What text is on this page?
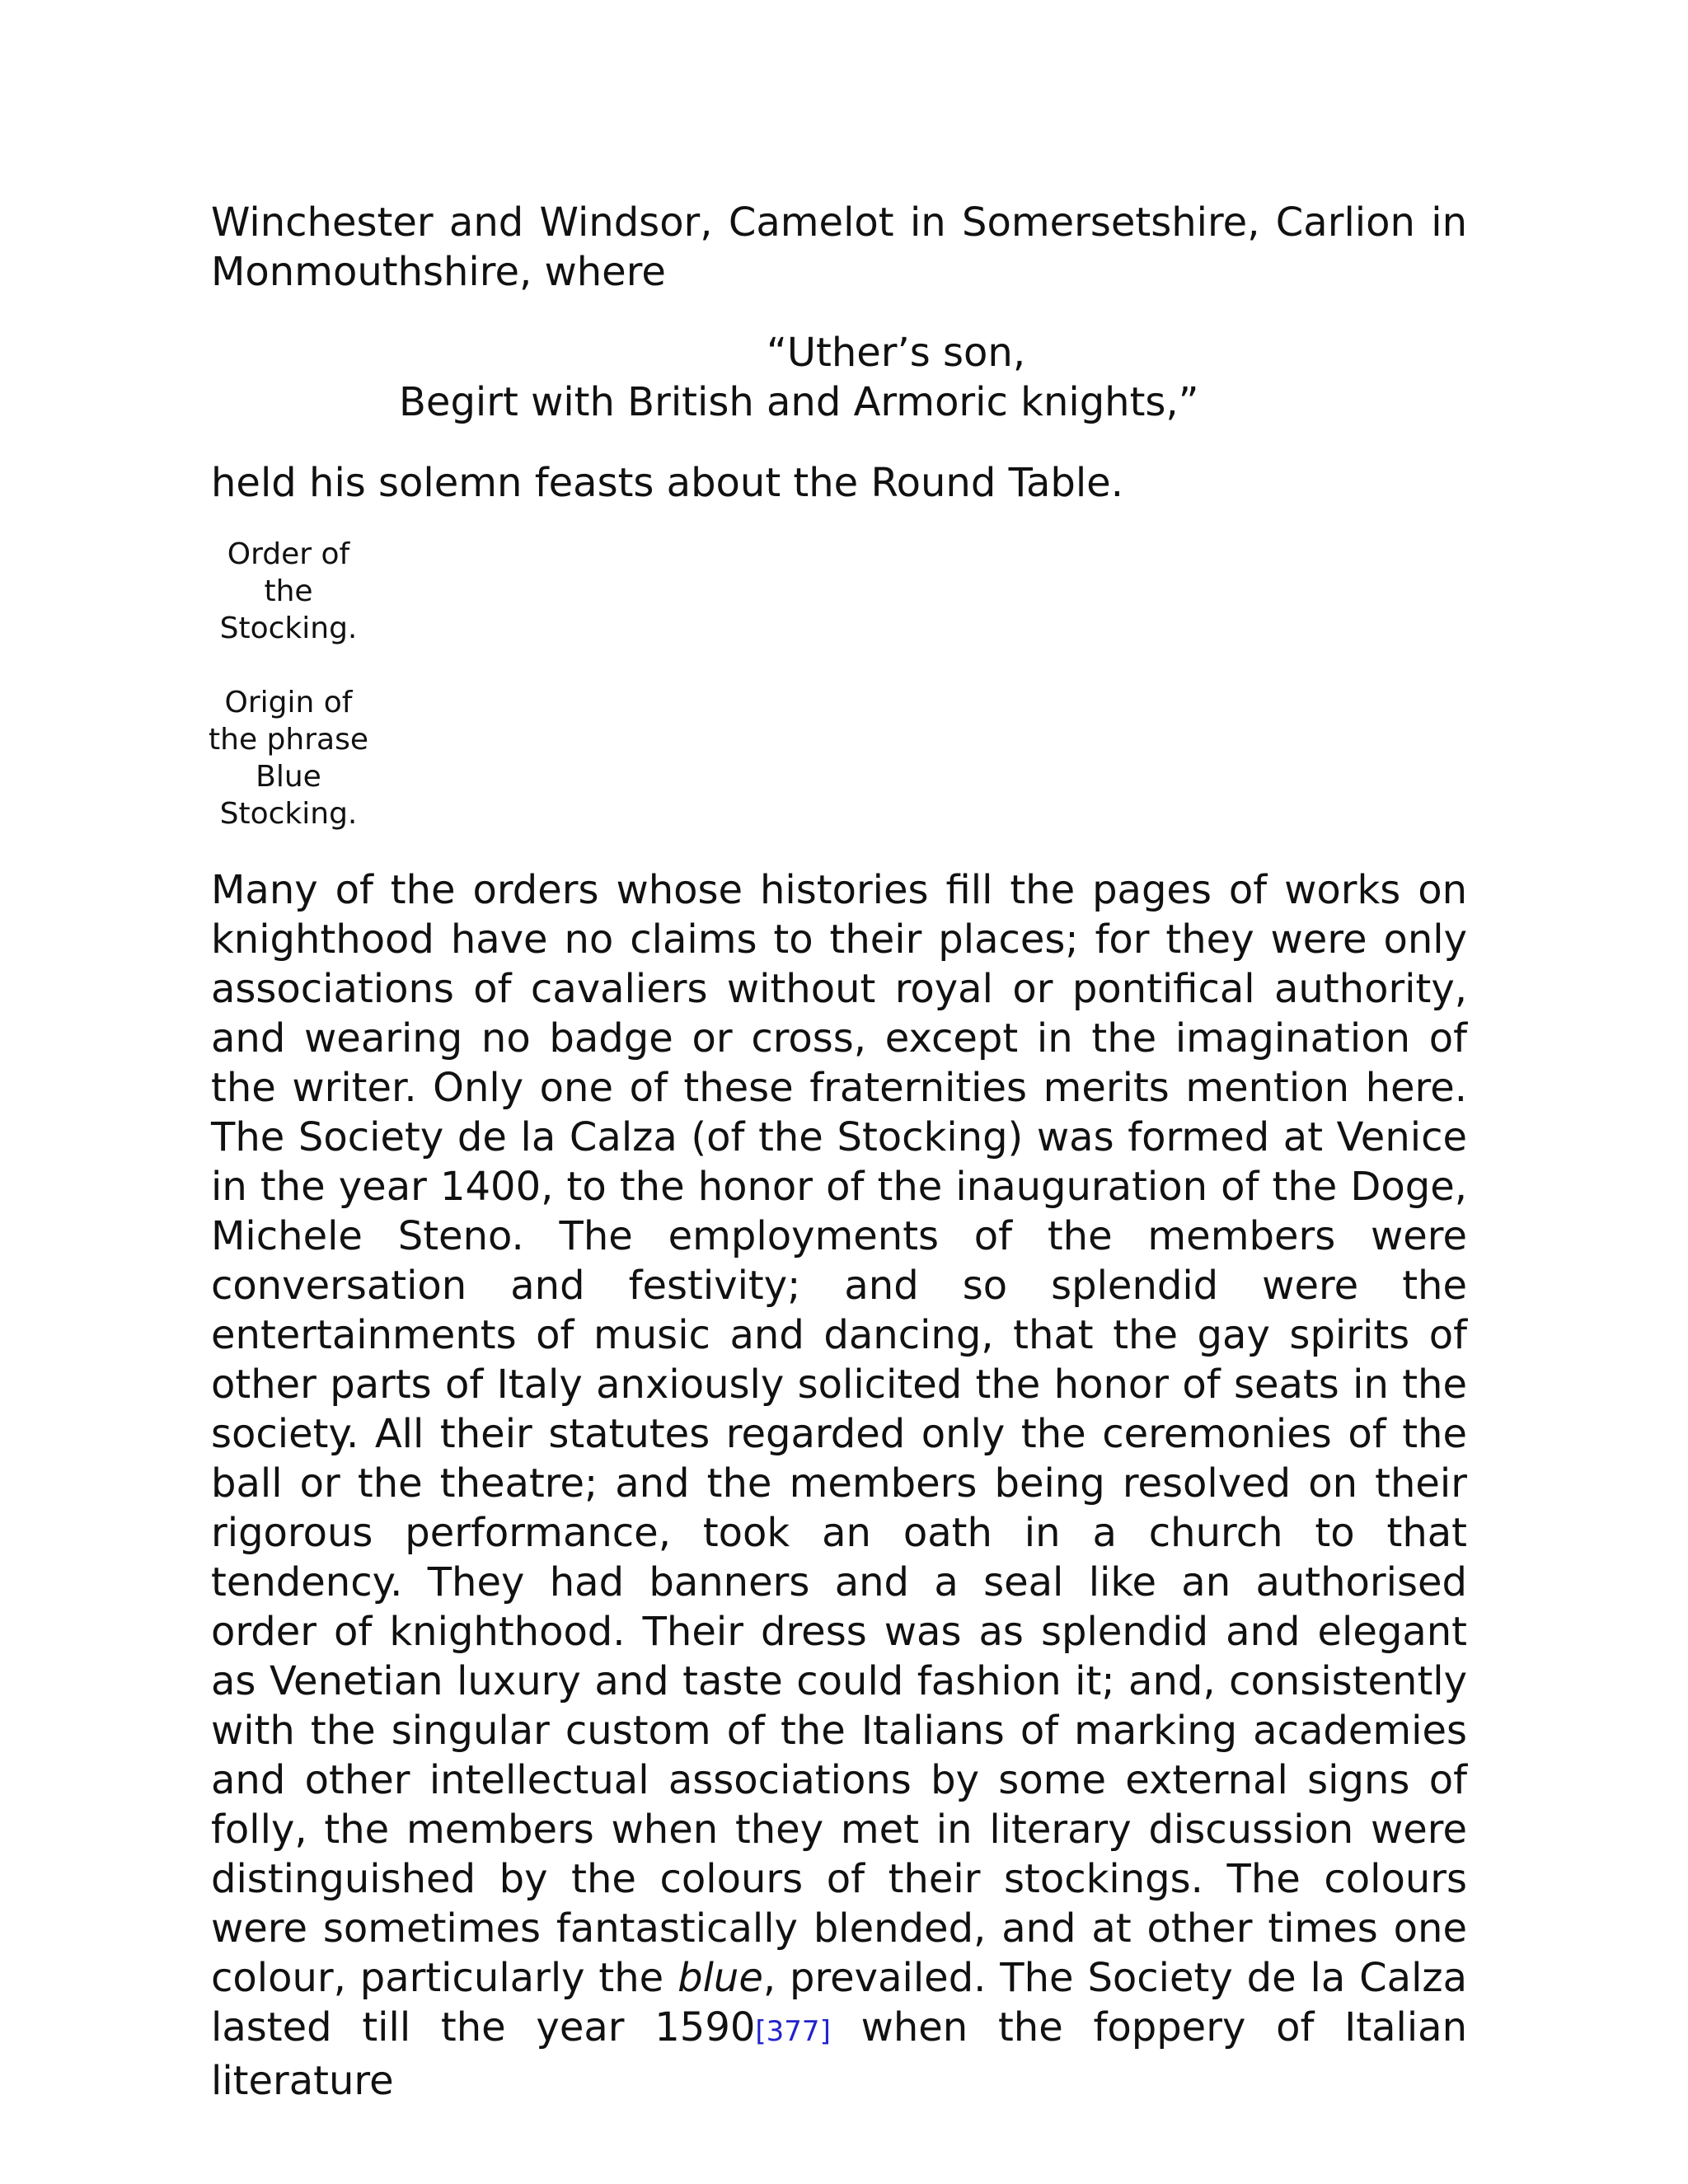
Winchester and Windsor, Camelot in Somersetshire, Carlion in Monmouthshire, where

“Uther’s son,
Begirt with British and Armoric knights,”

held his solemn feasts about the Round Table.

Order of the Stocking.
Origin of the phrase Blue Stocking.

Many of the orders whose histories fill the pages of works on knighthood have no claims to their places; for they were only associations of cavaliers without royal or pontifical authority, and wearing no badge or cross, except in the imagination of the writer. Only one of these fraternities merits mention here. The Society de la Calza (of the Stocking) was formed at Venice in the year 1400, to the honor of the inauguration of the Doge, Michele Steno. The employments of the members were conversation and festivity; and so splendid were the entertainments of music and dancing, that the gay spirits of other parts of Italy anxiously solicited the honor of seats in the society. All their statutes regarded only the ceremonies of the ball or the theatre; and the members being resolved on their rigorous performance, took an oath in a church to that tendency. They had banners and a seal like an authorised order of knighthood. Their dress was as splendid and elegant as Venetian luxury and taste could fashion it; and, consistently with the singular custom of the Italians of marking academies and other intellectual associations by some external signs of folly, the members when they met in literary discussion were distinguished by the colours of their stockings. The colours were sometimes fantastically blended, and at other times one colour, particularly the blue, prevailed. The Society de la Calza lasted till the year 1590[377] when the foppery of Italian literature
